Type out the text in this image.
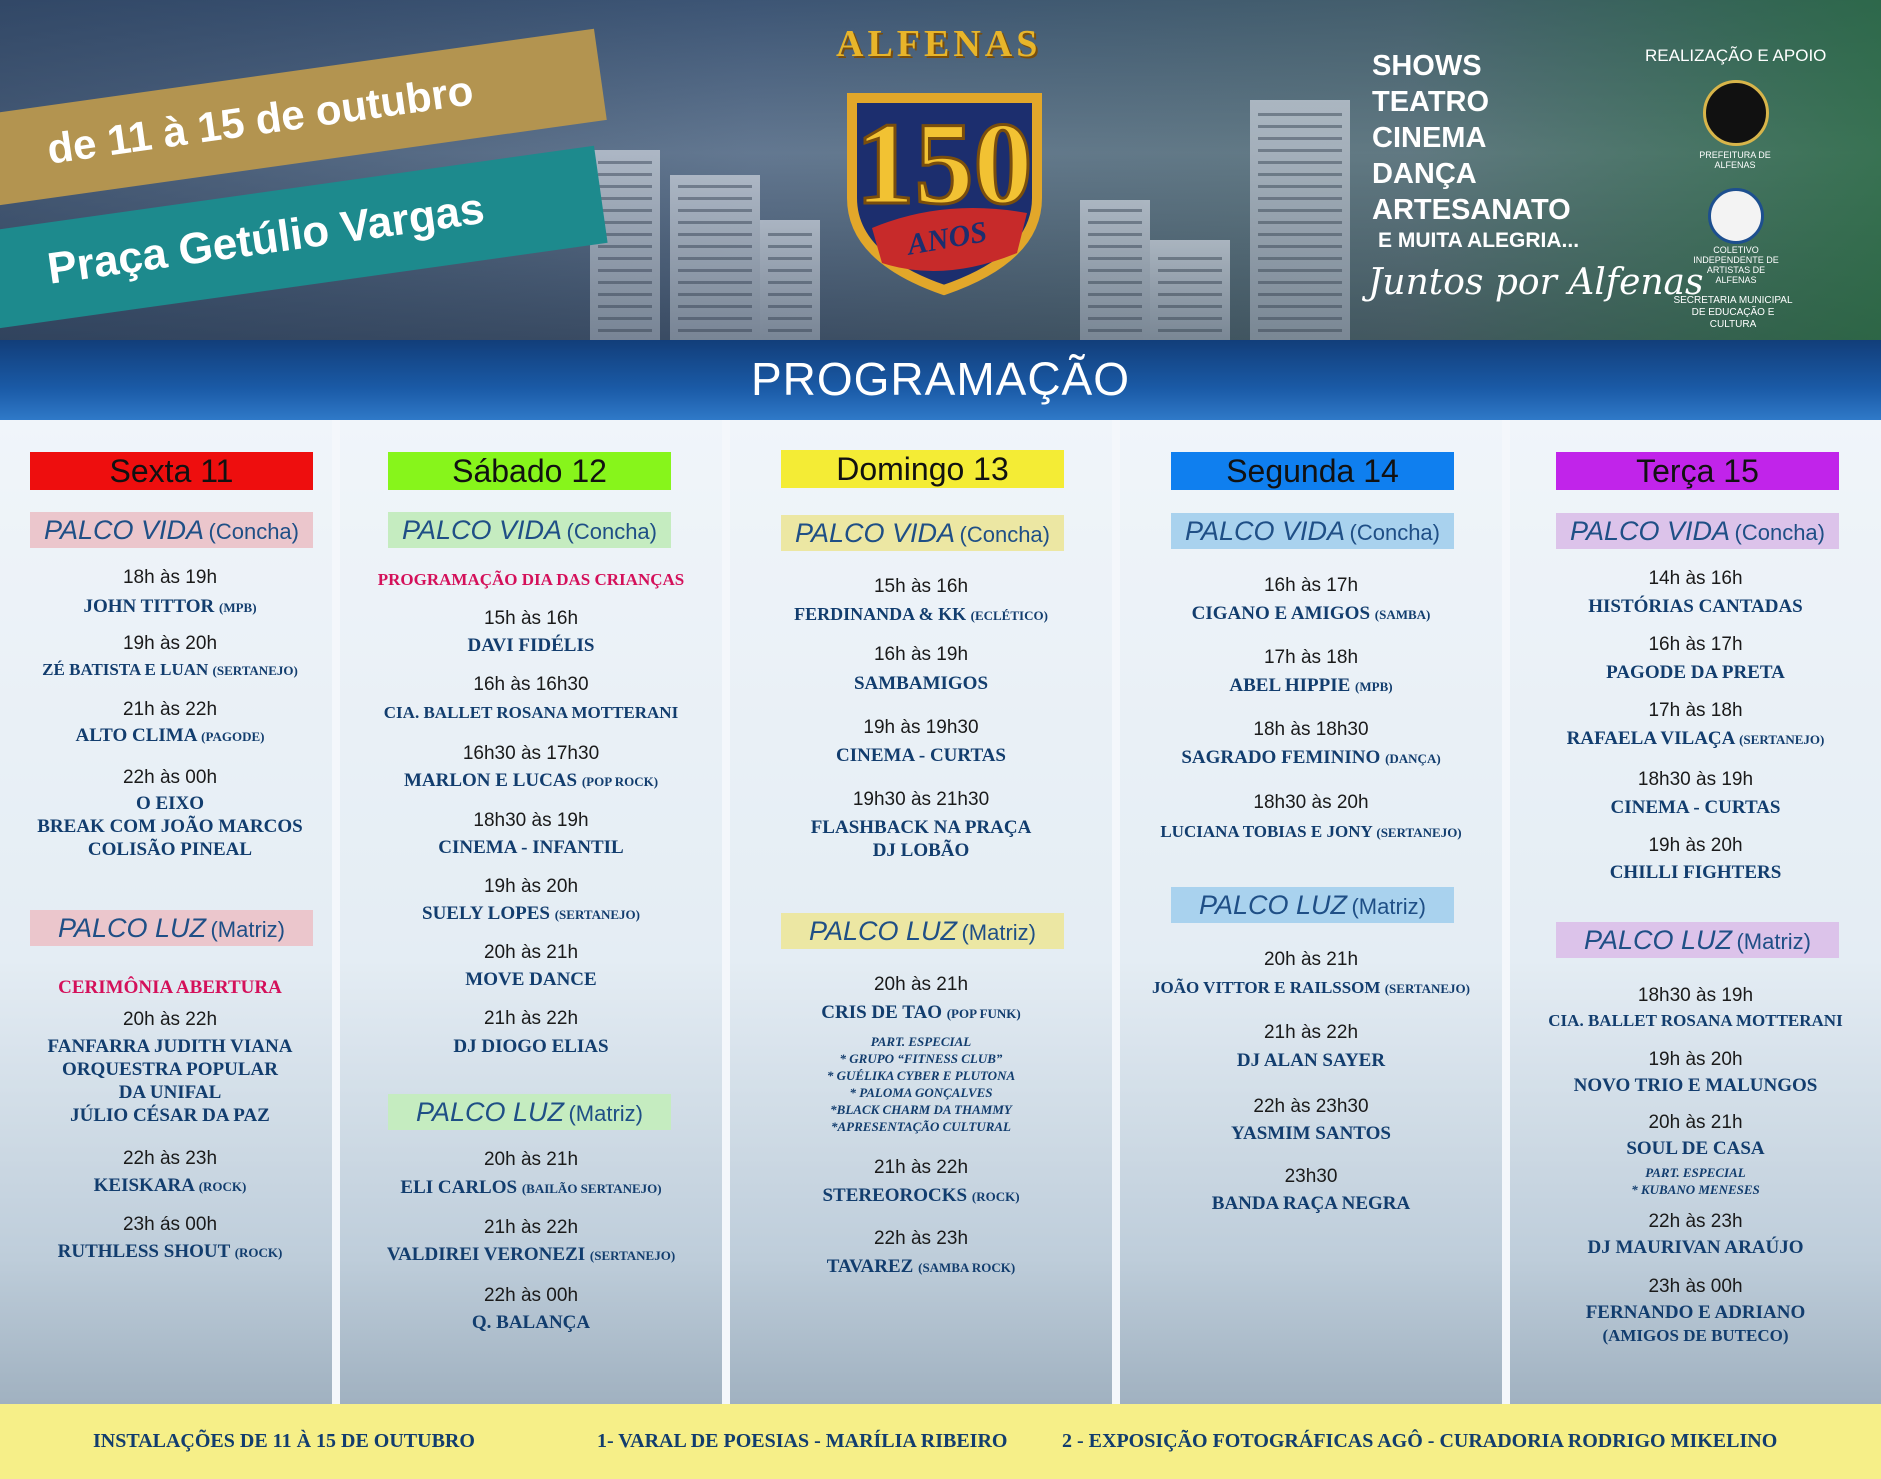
de 11 à 15 de outubro
Praça Getúlio Vargas
ALFENAS
150
ANOS
SHOWS
TEATRO
CINEMA
DANÇA
ARTESANATO
E MUITA ALEGRIA...
Juntos por Alfenas
REALIZAÇÃO E APOIO
PREFEITURA DE ALFENAS
COLETIVO INDEPENDENTE DE ARTISTAS DE ALFENAS
SECRETARIA MUNICIPAL DE EDUCAÇÃO E CULTURA
PROGRAMAÇÃO
Sexta 11
PALCO VIDA (Concha)
18h às 19h
JOHN TITTOR (MPB)
19h às 20h
ZÉ BATISTA E LUAN (SERTANEJO)
21h às 22h
ALTO CLIMA (PAGODE)
22h às 00h
O EIXO
BREAK COM JOÃO MARCOS
COLISÃO PINEAL
PALCO LUZ (Matriz)
CERIMÔNIA ABERTURA
20h às 22h
FANFARRA JUDITH VIANA
ORQUESTRA POPULAR
DA UNIFAL
JÚLIO CÉSAR DA PAZ
22h às 23h
KEISKARA (ROCK)
23h ás 00h
RUTHLESS SHOUT (ROCK)
Sábado 12
PALCO VIDA (Concha)
PROGRAMAÇÃO DIA DAS CRIANÇAS
15h às 16h
DAVI FIDÉLIS
16h às 16h30
CIA. BALLET ROSANA MOTTERANI
16h30 às 17h30
MARLON E LUCAS (POP ROCK)
18h30 às 19h
CINEMA - INFANTIL
19h às 20h
SUELY LOPES (SERTANEJO)
20h às 21h
MOVE DANCE
21h às 22h
DJ DIOGO ELIAS
PALCO LUZ (Matriz)
20h às 21h
ELI CARLOS (BAILÃO SERTANEJO)
21h às 22h
VALDIREI VERONEZI (SERTANEJO)
22h às 00h
Q. BALANÇA
Domingo 13
PALCO VIDA (Concha)
15h às 16h
FERDINANDA & KK (ECLÉTICO)
16h às 19h
SAMBAMIGOS
19h às 19h30
CINEMA - CURTAS
19h30 às 21h30
FLASHBACK NA PRAÇA
DJ LOBÃO
PALCO LUZ (Matriz)
20h às 21h
CRIS DE TAO (POP FUNK)
PART. ESPECIAL
* GRUPO “FITNESS CLUB”
* GUÉLIKA CYBER E PLUTONA
* PALOMA GONÇALVES
*BLACK CHARM DA THAMMY
*APRESENTAÇÃO CULTURAL
21h às 22h
STEREOROCKS (ROCK)
22h às 23h
TAVAREZ (SAMBA ROCK)
Segunda 14
PALCO VIDA (Concha)
16h às 17h
CIGANO E AMIGOS (SAMBA)
17h às 18h
ABEL HIPPIE (MPB)
18h às 18h30
SAGRADO FEMININO (DANÇA)
18h30 às 20h
LUCIANA TOBIAS E JONY (SERTANEJO)
PALCO LUZ (Matriz)
20h às 21h
JOÃO VITTOR E RAILSSOM (SERTANEJO)
21h às 22h
DJ ALAN SAYER
22h às 23h30
YASMIM SANTOS
23h30
BANDA RAÇA NEGRA
Terça 15
PALCO VIDA (Concha)
14h às 16h
HISTÓRIAS CANTADAS
16h às 17h
PAGODE DA PRETA
17h às 18h
RAFAELA VILAÇA (SERTANEJO)
18h30 às 19h
CINEMA - CURTAS
19h às 20h
CHILLI FIGHTERS
PALCO LUZ (Matriz)
18h30 às 19h
CIA. BALLET ROSANA MOTTERANI
19h às 20h
NOVO TRIO E MALUNGOS
20h às 21h
SOUL DE CASA
PART. ESPECIAL
* KUBANO MENESES
22h às 23h
DJ MAURIVAN ARAÚJO
23h às 00h
FERNANDO E ADRIANO
(AMIGOS DE BUTECO)
INSTALAÇÕES DE 11 À 15 DE OUTUBRO	1- VARAL DE POESIAS - MARÍLIA RIBEIRO	2 - EXPOSIÇÃO FOTOGRÁFICAS AGÔ - CURADORIA RODRIGO MIKELINO
